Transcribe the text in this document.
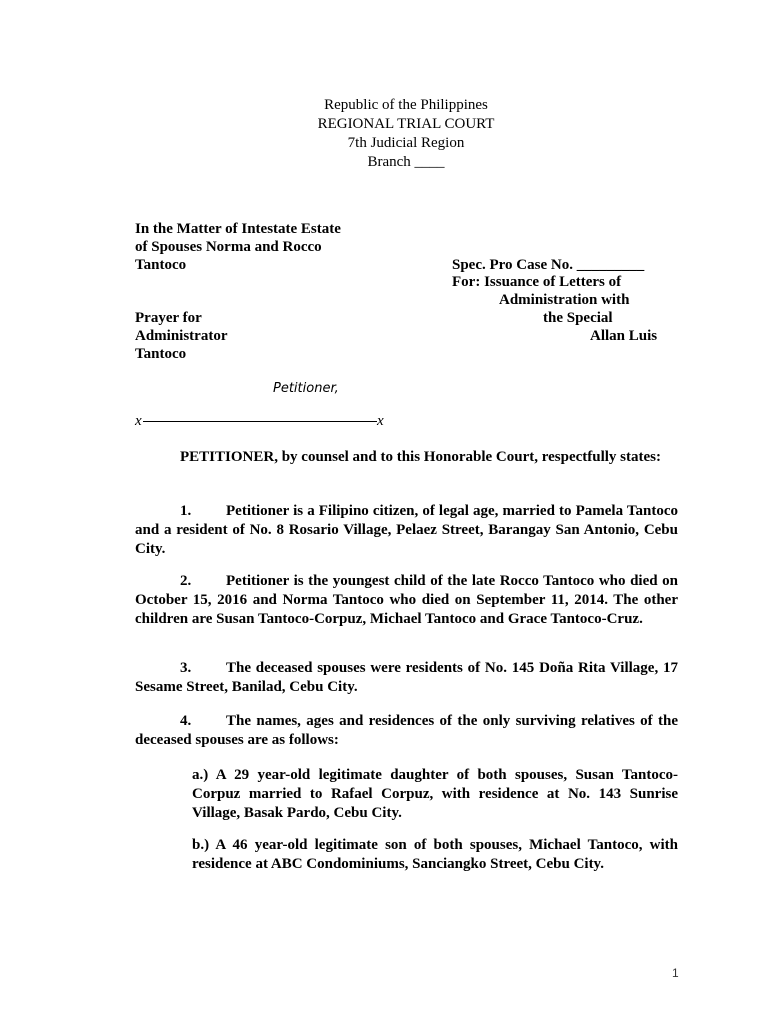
Republic of the Philippines
REGIONAL TRIAL COURT
7th Judicial Region
Branch ____
In the Matter of Intestate Estate
of Spouses Norma and Rocco
Tantoco	Spec. Pro Case No. _________
For: Issuance of Letters of
Administration with
Prayer for	the Special
Administrator	Allan Luis
Tantoco
Petitioner,
x	x
PETITIONER, by counsel and to this Honorable Court, respectfully states:
1. Petitioner is a Filipino citizen, of legal age, married to Pamela Tantoco and a resident of No. 8 Rosario Village, Pelaez Street, Barangay San Antonio, Cebu City.
2. Petitioner is the youngest child of the late Rocco Tantoco who died on October 15, 2016 and Norma Tantoco who died on September 11, 2014. The other children are Susan Tantoco-Corpuz, Michael Tantoco and Grace Tantoco-Cruz.
3. The deceased spouses were residents of No. 145 Doña Rita Village, 17 Sesame Street, Banilad, Cebu City.
4. The names, ages and residences of the only surviving relatives of the deceased spouses are as follows:
a.) A 29 year-old legitimate daughter of both spouses, Susan Tantoco-Corpuz married to Rafael Corpuz, with residence at No. 143 Sunrise Village, Basak Pardo, Cebu City.
b.) A 46 year-old legitimate son of both spouses, Michael Tantoco, with residence at ABC Condominiums, Sanciangko Street, Cebu City.
1
